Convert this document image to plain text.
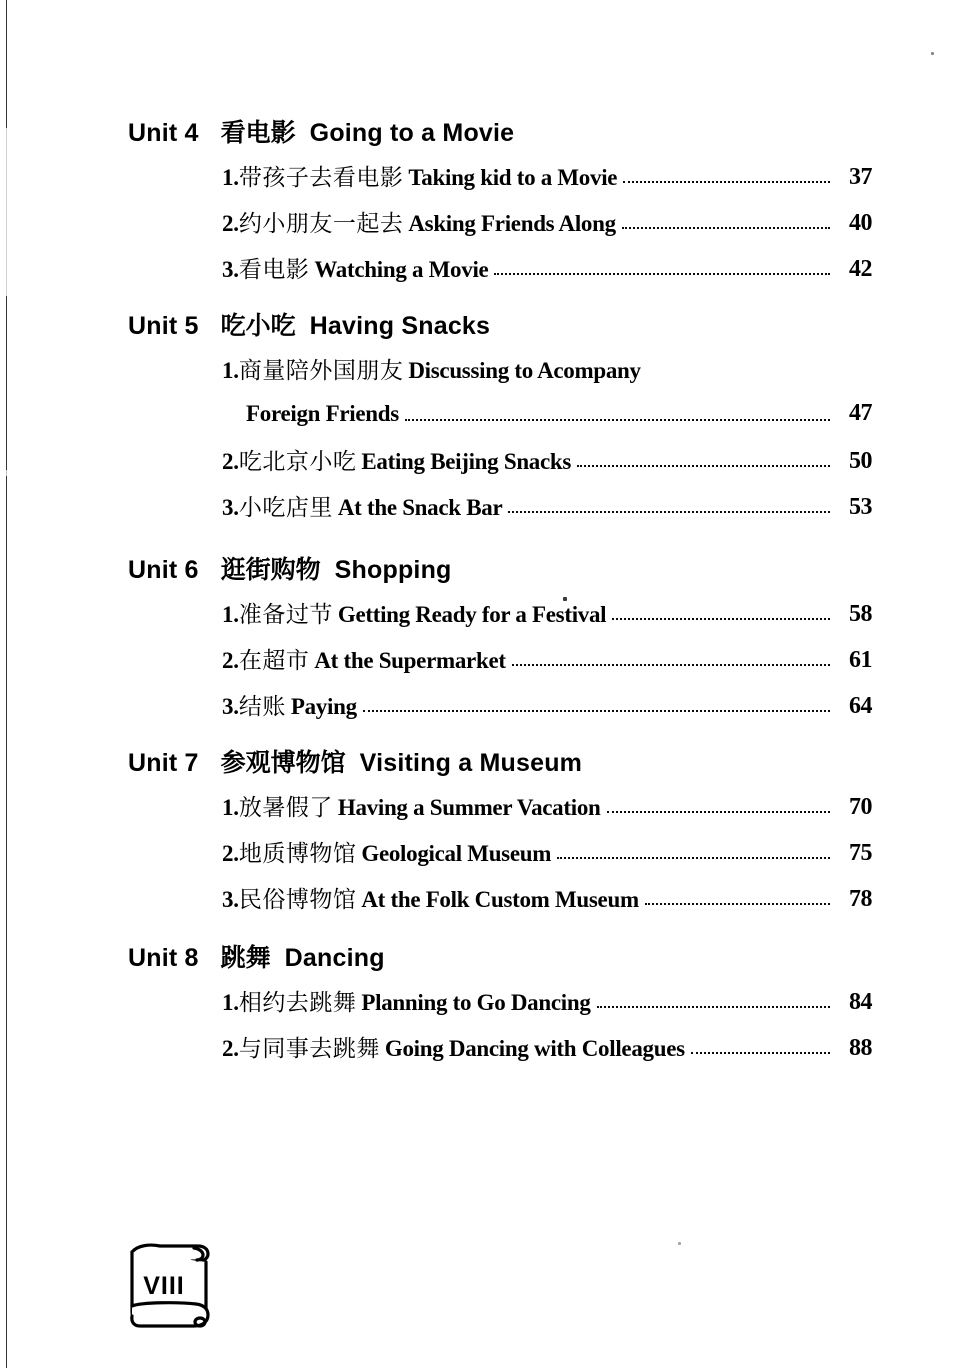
Unit 4 看电影 Going to a Movie
1.带孩子去看电影 Taking kid to a Movie	37
2.约小朋友一起去 Asking Friends Along	40
3.看电影 Watching a Movie	42
Unit 5 吃小吃 Having Snacks
1.商量陪外国朋友 Discussing to Acompany
Foreign Friends	47
2.吃北京小吃 Eating Beijing Snacks	50
3.小吃店里 At the Snack Bar	53
Unit 6 逛街购物 Shopping
1.准备过节 Getting Ready for a Festival	58
2.在超市 At the Supermarket	61
3.结账 Paying	64
Unit 7 参观博物馆 Visiting a Museum
1.放暑假了 Having a Summer Vacation	70
2.地质博物馆 Geological Museum	75
3.民俗博物馆 At the Folk Custom Museum	78
Unit 8 跳舞 Dancing
1.相约去跳舞 Planning to Go Dancing	84
2.与同事去跳舞 Going Dancing with Colleagues	88
VIII
